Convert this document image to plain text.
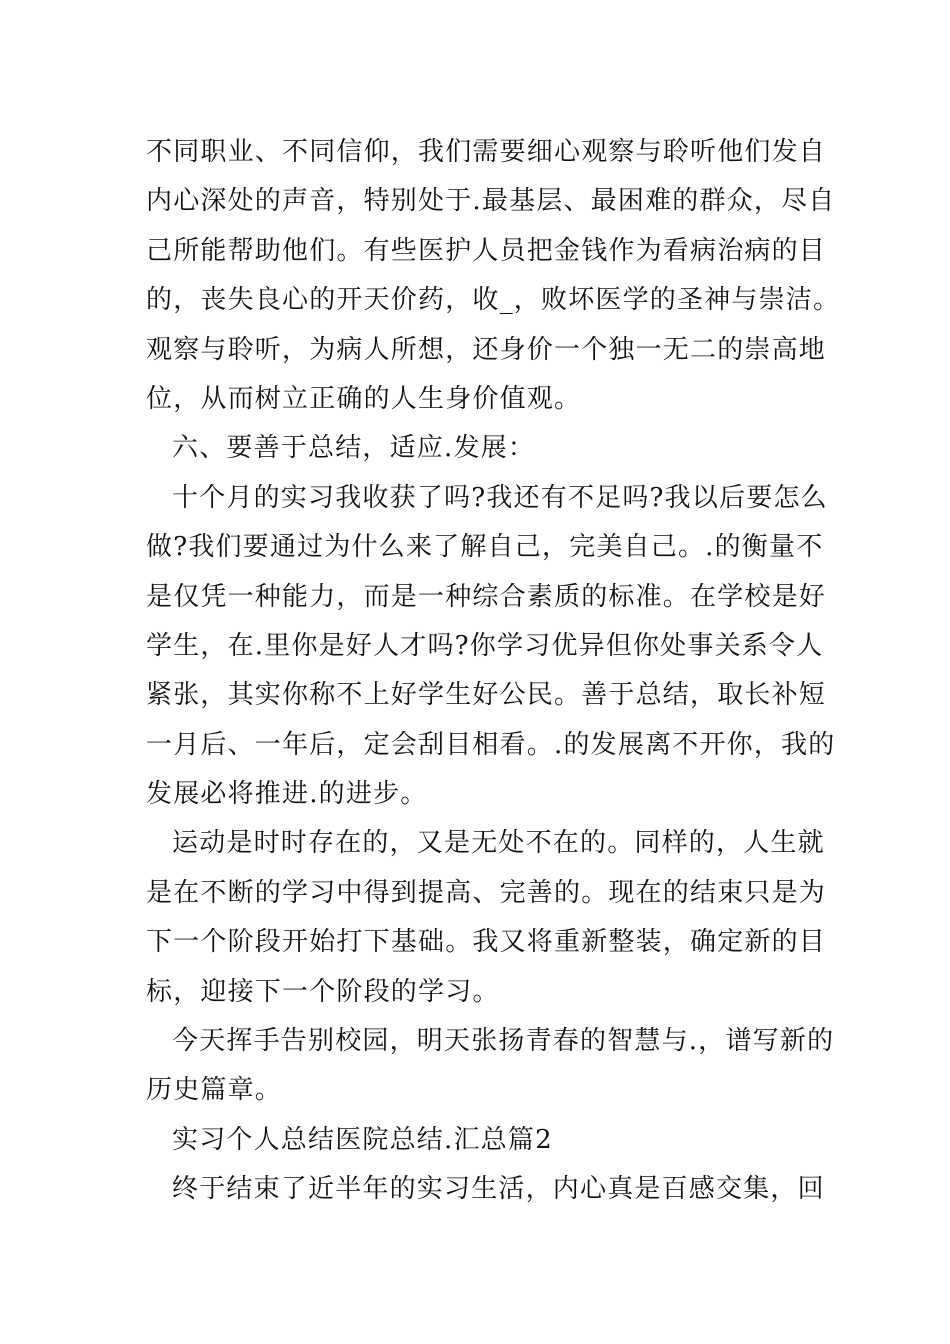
不同职业、不同信仰，我们需要细心观察与聆听他们发自
内心深处的声音，特别处于.最基层、最困难的群众，尽自
己所能帮助他们。有些医护人员把金钱作为看病治病的目
的，丧失良心的开天价药，收_，败坏医学的圣神与崇洁。
观察与聆听，为病人所想，还身价一个独一无二的崇高地
位，从而树立正确的人生身价值观。
六、要善于总结，适应.发展：
十个月的实习我收获了吗?我还有不足吗?我以后要怎么
做?我们要通过为什么来了解自己，完美自己。.的衡量不
是仅凭一种能力，而是一种综合素质的标准。在学校是好
学生，在.里你是好人才吗?你学习优异但你处事关系令人
紧张，其实你称不上好学生好公民。善于总结，取长补短
一月后、一年后，定会刮目相看。.的发展离不开你，我的
发展必将推进.的进步。
运动是时时存在的，又是无处不在的。同样的，人生就
是在不断的学习中得到提高、完善的。现在的结束只是为
下一个阶段开始打下基础。我又将重新整装，确定新的目
标，迎接下一个阶段的学习。
今天挥手告别校园，明天张扬青春的智慧与.，谱写新的
历史篇章。
实习个人总结医院总结.汇总篇2
终于结束了近半年的实习生活，内心真是百感交集，回
